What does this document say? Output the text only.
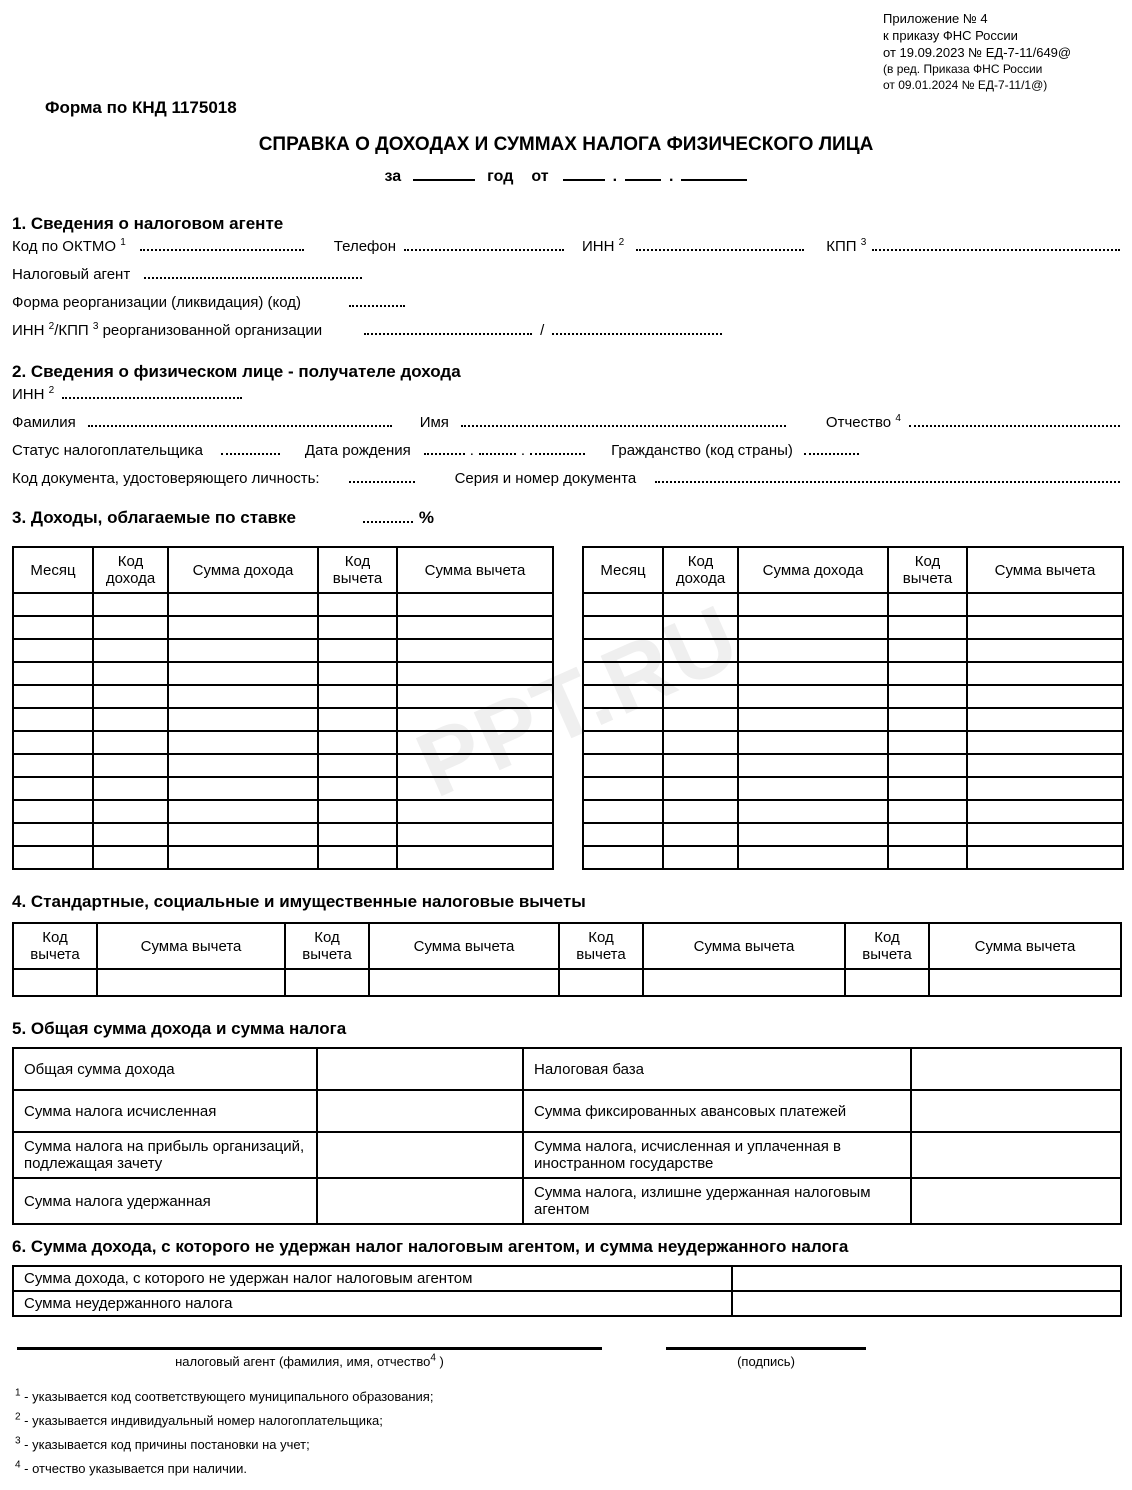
Приложение № 4
к приказу ФНС России
от 19.09.2023 № ЕД-7-11/649@
(в ред. Приказа ФНС России
от 09.01.2024 № ЕД-7-11/1@)
PPT.RU
Форма по КНД 1175018
СПРАВКА О ДОХОДАХ И СУММАХ НАЛОГА ФИЗИЧЕСКОГО ЛИЦА
за	год от	.	.
1. Сведения о налоговом агенте
Код по ОКТМО $^1$	Телефон	ИНН $^2$	КПП $^3$
Налоговый агент
Форма реорганизации (ликвидация) (код)
ИНН $^2$/КПП $^3$ реорганизованной организации	/
2. Сведения о физическом лице - получателе дохода
ИНН $^2$
Фамилия	Имя	Отчество $^4$
Статус налогоплательщика	Дата рождения	.	.	Гражданство (код страны)
Код документа, удостоверяющего личность:	Серия и номер документа
3. Доходы, облагаемые по ставке	%
Месяц	Код дохода	Сумма дохода	Код вычета	Сумма вычета

					Месяц	Код дохода	Сумма дохода	Код вычета	Сумма вычета

4. Стандартные, социальные и имущественные налоговые вычеты
Код вычета	Сумма вычета	Код вычета	Сумма вычета	Код вычета	Сумма вычета	Код вычета	Сумма вычета

5. Общая сумма дохода и сумма налога
Общая сумма дохода		Налоговая база	
Сумма налога исчисленная		Сумма фиксированных авансовых платежей	
Сумма налога на прибыль организаций, подлежащая зачету		Сумма налога, исчисленная и уплаченная в иностранном государстве	
Сумма налога удержанная		Сумма налога, излишне удержанная налоговым агентом	
6. Сумма дохода, с которого не удержан налог налоговым агентом, и сумма неудержанного налога
Сумма дохода, с которого не удержан налог налоговым агентом	
Сумма неудержанного налога	
налоговый агент (фамилия, имя, отчество$^4$ )	(подпись)
$^1$ - указывается код соответствующего муниципального образования;
$^2$ - указывается индивидуальный номер налогоплательщика;
$^3$ - указывается код причины постановки на учет;
$^4$ - отчество указывается при наличии.
